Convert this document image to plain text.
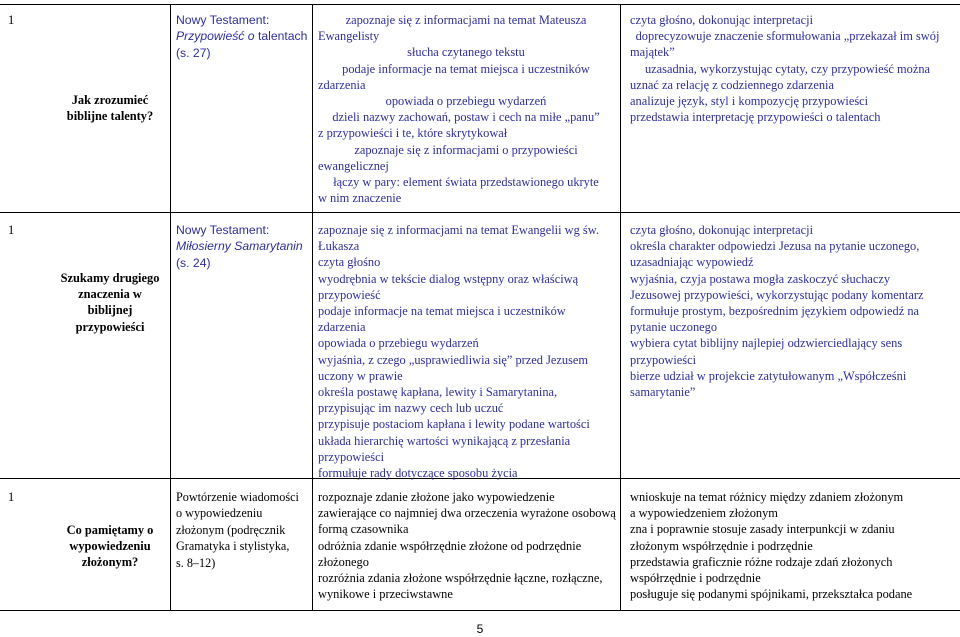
1
Jak zrozumieć biblijne talenty?
Nowy Testament:
Przypowieść o talentach
(s. 27)
zapoznaje się z informacjami na temat Mateusza
Ewangelisty
słucha czytanego tekstu
podaje informacje na temat miejsca i uczestników
zdarzenia
opowiada o przebiegu wydarzeń
dzieli nazwy zachowań, postaw i cech na miłe „panu”
z przypowieści i te, które skrytykował
zapoznaje się z informacjami o przypowieści
ewangelicznej
łączy w pary: element świata przedstawionego ukryte
w nim znaczenie
czyta głośno, dokonując interpretacji
doprecyzowuje znaczenie sformułowania „przekazał im swój
majątek”
uzasadnia, wykorzystując cytaty, czy przypowieść można
uznać za relację z codziennego zdarzenia
analizuje język, styl i kompozycję przypowieści
przedstawia interpretację przypowieści o talentach
1
Szukamy drugiego znaczenia w biblijnej przypowieści
Nowy Testament:
Miłosierny Samarytanin
(s. 24)
zapoznaje się z informacjami na temat Ewangelii wg św.
Łukasza
czyta głośno
wyodrębnia w tekście dialog wstępny oraz właściwą
przypowieść
podaje informacje na temat miejsca i uczestników
zdarzenia
opowiada o przebiegu wydarzeń
wyjaśnia, z czego „usprawiedliwia się” przed Jezusem
uczony w prawie
określa postawę kapłana, lewity i Samarytanina,
przypisując im nazwy cech lub uczuć
przypisuje postaciom kapłana i lewity podane wartości
układa hierarchię wartości wynikającą z przesłania
przypowieści
formułuje rady dotyczące sposobu życia
czyta głośno, dokonując interpretacji
określa charakter odpowiedzi Jezusa na pytanie uczonego,
uzasadniając wypowiedź
wyjaśnia, czyja postawa mogła zaskoczyć słuchaczy
Jezusowej przypowieści, wykorzystując podany komentarz
formułuje prostym, bezpośrednim językiem odpowiedź na
pytanie uczonego
wybiera cytat biblijny najlepiej odzwierciedlający sens
przypowieści
bierze udział w projekcie zatytułowanym „Współcześni
samarytanie”
1
Co pamiętamy o wypowiedzeniu złożonym?
Powtórzenie wiadomości
o wypowiedzeniu
złożonym (podręcznik
Gramatyka i stylistyka,
s. 8–12)
rozpoznaje zdanie złożone jako wypowiedzenie
zawierające co najmniej dwa orzeczenia wyrażone osobową
formą czasownika
odróżnia zdanie współrzędnie złożone od podrzędnie
złożonego
rozróżnia zdania złożone współrzędnie łączne, rozłączne,
wynikowe i przeciwstawne
wnioskuje na temat różnicy między zdaniem złożonym
a wypowiedzeniem złożonym
zna i poprawnie stosuje zasady interpunkcji w zdaniu
złożonym współrzędnie i podrzędnie
przedstawia graficznie różne rodzaje zdań złożonych
współrzędnie i podrzędnie
posługuje się podanymi spójnikami, przekształca podane
5
